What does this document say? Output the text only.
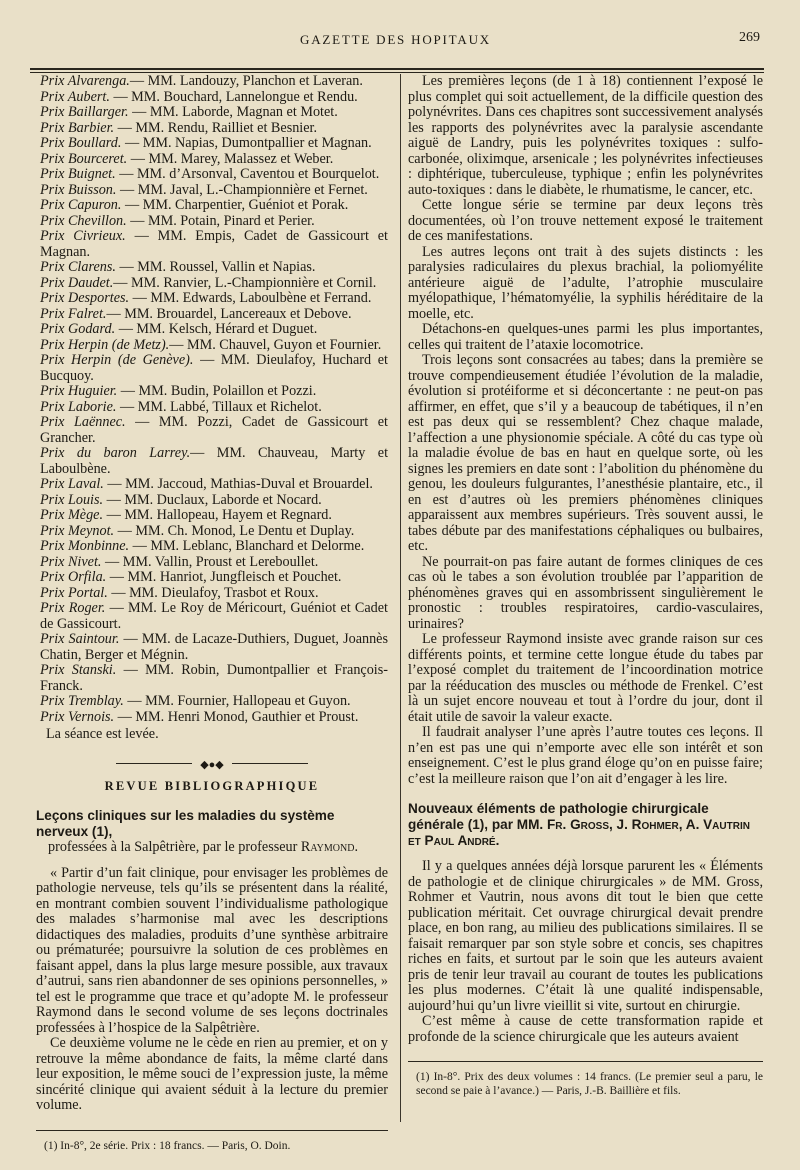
GAZETTE DES HOPITAUX	269

Prix Alvarenga.— MM. Landouzy, Planchon et Laveran.

Prix Aubert. — MM. Bouchard, Lannelongue et Rendu.

Prix Baillarger. — MM. Laborde, Magnan et Motet.

Prix Barbier. — MM. Rendu, Railliet et Besnier.

Prix Boullard. — MM. Napias, Dumontpallier et Magnan.

Prix Bourceret. — MM. Marey, Malassez et Weber.

Prix Buignet. — MM. d’Arsonval, Caventou et Bourquelot.

Prix Buisson. — MM. Javal, L.-Championnière et Fernet.

Prix Capuron. — MM. Charpentier, Guéniot et Porak.

Prix Chevillon. — MM. Potain, Pinard et Perier.

Prix Civrieux. — MM. Empis, Cadet de Gassicourt et Magnan.

Prix Clarens. — MM. Roussel, Vallin et Napias.

Prix Daudet.— MM. Ranvier, L.-Championnière et Cornil.

Prix Desportes. — MM. Edwards, Laboulbène et Ferrand.

Prix Falret.— MM. Brouardel, Lancereaux et Debove.

Prix Godard. — MM. Kelsch, Hérard et Duguet.

Prix Herpin (de Metz).— MM. Chauvel, Guyon et Fournier.

Prix Herpin (de Genève). — MM. Dieulafoy, Huchard et Bucquoy.

Prix Huguier. — MM. Budin, Polaillon et Pozzi.

Prix Laborie. — MM. Labbé, Tillaux et Richelot.

Prix Laënnec. — MM. Pozzi, Cadet de Gassicourt et Grancher.

Prix du baron Larrey.— MM. Chauveau, Marty et Laboulbène.

Prix Laval. — MM. Jaccoud, Mathias-Duval et Brouardel.

Prix Louis. — MM. Duclaux, Laborde et Nocard.

Prix Mège. — MM. Hallopeau, Hayem et Regnard.

Prix Meynot. — MM. Ch. Monod, Le Dentu et Duplay.

Prix Monbinne. — MM. Leblanc, Blanchard et Delorme.

Prix Nivet. — MM. Vallin, Proust et Lereboullet.

Prix Orfila. — MM. Hanriot, Jungfleisch et Pouchet.

Prix Portal. — MM. Dieulafoy, Trasbot et Roux.

Prix Roger. — MM. Le Roy de Méricourt, Guéniot et Cadet de Gassicourt.

Prix Saintour. — MM. de Lacaze-Duthiers, Duguet, Joannès Chatin, Berger et Mégnin.

Prix Stanski. — MM. Robin, Dumontpallier et François-Franck.

Prix Tremblay. — MM. Fournier, Hallopeau et Guyon.

Prix Vernois. — MM. Henri Monod, Gauthier et Proust.

La séance est levée.

◆●◆
REVUE BIBLIOGRAPHIQUE

Leçons cliniques sur les maladies du système nerveux (1),

professées à la Salpêtrière, par le professeur Raymond.

« Partir d’un fait clinique, pour envisager les problèmes de pathologie nerveuse, tels qu’ils se présentent dans la réalité, en montrant combien souvent l’individualisme pathologique des malades s’harmonise mal avec les descriptions didactiques des maladies, produits d’une synthèse arbitraire ou prématurée; poursuivre la solution de ces problèmes en faisant appel, dans la plus large mesure possible, aux travaux d’autrui, sans rien abandonner de ses opinions personnelles, » tel est le programme que trace et qu’adopte M. le professeur Raymond dans le second volume de ses leçons doctrinales professées à l’hospice de la Salpêtrière.

Ce deuxième volume ne le cède en rien au premier, et on y retrouve la même abondance de faits, la même clarté dans leur exposition, le même souci de l’expression juste, la même sincérité clinique qui avaient séduit à la lecture du premier volume.

(1) In-8°, 2e série. Prix : 18 francs. — Paris, O. Doin.

Les premières leçons (de 1 à 18) contiennent l’exposé le plus complet qui soit actuellement, de la difficile question des polynévrites. Dans ces chapitres sont successivement analysés les rapports des polynévrites avec la paralysie ascendante aiguë de Landry, puis les polynévrites toxiques : sulfo-carbonée, oliximque, arsenicale ; les polynévrites infectieuses : diphtérique, tuberculeuse, typhique ; enfin les polynévrites auto-toxiques : dans le diabète, le rhumatisme, le cancer, etc.

Cette longue série se termine par deux leçons très documentées, où l’on trouve nettement exposé le traitement de ces manifestations.

Les autres leçons ont trait à des sujets distincts : les paralysies radiculaires du plexus brachial, la poliomyélite antérieure aiguë de l’adulte, l’atrophie musculaire myélopathique, l’hématomyélie, la syphilis héréditaire de la moelle, etc.

Détachons-en quelques-unes parmi les plus importantes, celles qui traitent de l’ataxie locomotrice.

Trois leçons sont consacrées au tabes; dans la première se trouve compendieusement étudiée l’évolution de la maladie, évolution si protéiforme et si déconcertante : ne peut-on pas affirmer, en effet, que s’il y a beaucoup de tabétiques, il n’en est pas deux qui se ressemblent? Chez chaque malade, l’affection a une physionomie spéciale. A côté du cas type où la maladie évolue de bas en haut en quelque sorte, où les signes les premiers en date sont : l’abolition du phénomène du genou, les douleurs fulgurantes, l’anesthésie plantaire, etc., il en est d’autres où les premiers phénomènes cliniques apparaissent aux membres supérieurs. Très souvent aussi, le tabes débute par des manifestations céphaliques ou bulbaires, etc.

Ne pourrait-on pas faire autant de formes cliniques de ces cas où le tabes a son évolution troublée par l’apparition de phénomènes graves qui en assombrissent singulièrement le pronostic : troubles respiratoires, cardio-vasculaires, urinaires?

Le professeur Raymond insiste avec grande raison sur ces différents points, et termine cette longue étude du tabes par l’exposé complet du traitement de l’incoordination motrice par la rééducation des muscles ou méthode de Frenkel. C’est là un sujet encore nouveau et tout à l’ordre du jour, dont il était utile de savoir la valeur exacte.

Il faudrait analyser l’une après l’autre toutes ces leçons. Il n’en est pas une qui n’emporte avec elle son intérêt et son enseignement. C’est le plus grand éloge qu’on en puisse faire; c’est la meilleure raison que l’on ait d’engager à les lire.

Nouveaux éléments de pathologie chirurgicale générale (1), par MM. Fr. Gross, J. Rohmer, A. Vautrin et Paul André.

Il y a quelques années déjà lorsque parurent les « Éléments de pathologie et de clinique chirurgicales » de MM. Gross, Rohmer et Vautrin, nous avons dit tout le bien que cette publication méritait. Cet ouvrage chirurgical devait prendre place, en bon rang, au milieu des publications similaires. Il se faisait remarquer par son style sobre et concis, ses chapitres riches en faits, et surtout par le soin que les auteurs avaient pris de tenir leur travail au courant de toutes les publications les plus modernes. C’était là une qualité indispensable, aujourd’hui qu’un livre vieillit si vite, surtout en chirurgie.

C’est même à cause de cette transformation rapide et profonde de la science chirurgicale que les auteurs avaient

(1) In-8°. Prix des deux volumes : 14 francs. (Le premier seul a paru, le second se paie à l’avance.) — Paris, J.-B. Baillière et fils.
